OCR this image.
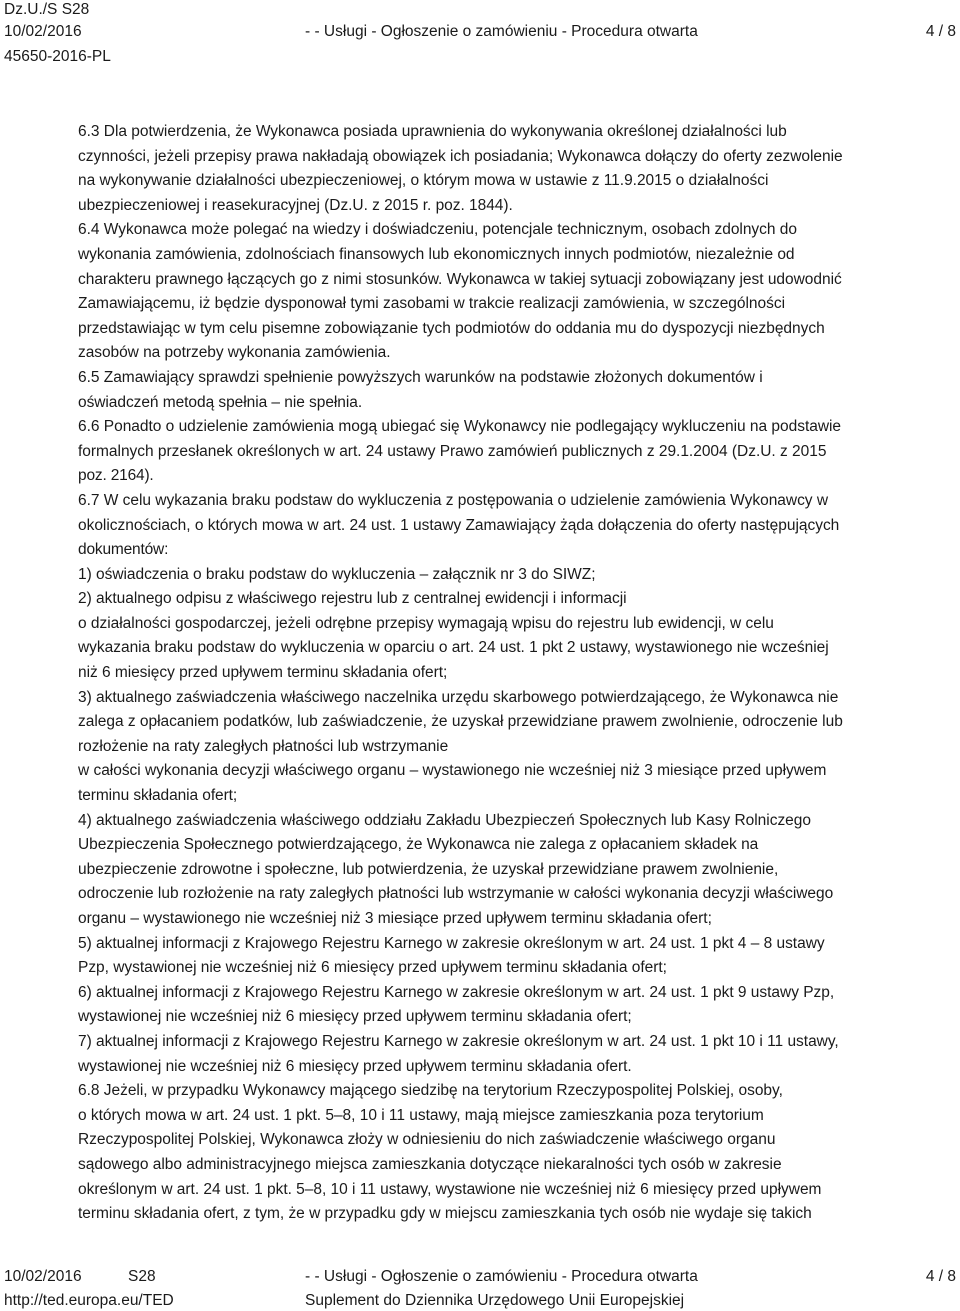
Dz.U./S S28
10/02/2016	- - Usługi - Ogłoszenie o zamówieniu - Procedura otwarta	4 / 8
45650-2016-PL
6.3 Dla potwierdzenia, że Wykonawca posiada uprawnienia do wykonywania określonej działalności lub
czynności, jeżeli przepisy prawa nakładają obowiązek ich posiadania; Wykonawca dołączy do oferty zezwolenie
na wykonywanie działalności ubezpieczeniowej, o którym mowa w ustawie z 11.9.2015 o działalności
ubezpieczeniowej i reasekuracyjnej (Dz.U. z 2015 r. poz. 1844).
6.4 Wykonawca może polegać na wiedzy i doświadczeniu, potencjale technicznym, osobach zdolnych do
wykonania zamówienia, zdolnościach finansowych lub ekonomicznych innych podmiotów, niezależnie od
charakteru prawnego łączących go z nimi stosunków. Wykonawca w takiej sytuacji zobowiązany jest udowodnić
Zamawiającemu, iż będzie dysponował tymi zasobami w trakcie realizacji zamówienia, w szczególności
przedstawiając w tym celu pisemne zobowiązanie tych podmiotów do oddania mu do dyspozycji niezbędnych
zasobów na potrzeby wykonania zamówienia.
6.5 Zamawiający sprawdzi spełnienie powyższych warunków na podstawie złożonych dokumentów i
oświadczeń metodą spełnia – nie spełnia.
6.6 Ponadto o udzielenie zamówienia mogą ubiegać się Wykonawcy nie podlegający wykluczeniu na podstawie
formalnych przesłanek określonych w art. 24 ustawy Prawo zamówień publicznych z 29.1.2004 (Dz.U. z 2015
poz. 2164).
6.7 W celu wykazania braku podstaw do wykluczenia z postępowania o udzielenie zamówienia Wykonawcy w
okolicznościach, o których mowa w art. 24 ust. 1 ustawy Zamawiający żąda dołączenia do oferty następujących
dokumentów:
1) oświadczenia o braku podstaw do wykluczenia – załącznik nr 3 do SIWZ;
2) aktualnego odpisu z właściwego rejestru lub z centralnej ewidencji i informacji
o działalności gospodarczej, jeżeli odrębne przepisy wymagają wpisu do rejestru lub ewidencji, w celu
wykazania braku podstaw do wykluczenia w oparciu o art. 24 ust. 1 pkt 2 ustawy, wystawionego nie wcześniej
niż 6 miesięcy przed upływem terminu składania ofert;
3) aktualnego zaświadczenia właściwego naczelnika urzędu skarbowego potwierdzającego, że Wykonawca nie
zalega z opłacaniem podatków, lub zaświadczenie, że uzyskał przewidziane prawem zwolnienie, odroczenie lub
rozłożenie na raty zaległych płatności lub wstrzymanie
w całości wykonania decyzji właściwego organu – wystawionego nie wcześniej niż 3 miesiące przed upływem
terminu składania ofert;
4) aktualnego zaświadczenia właściwego oddziału Zakładu Ubezpieczeń Społecznych lub Kasy Rolniczego
Ubezpieczenia Społecznego potwierdzającego, że Wykonawca nie zalega z opłacaniem składek na
ubezpieczenie zdrowotne i społeczne, lub potwierdzenia, że uzyskał przewidziane prawem zwolnienie,
odroczenie lub rozłożenie na raty zaległych płatności lub wstrzymanie w całości wykonania decyzji właściwego
organu – wystawionego nie wcześniej niż 3 miesiące przed upływem terminu składania ofert;
5) aktualnej informacji z Krajowego Rejestru Karnego w zakresie określonym w art. 24 ust. 1 pkt 4 – 8 ustawy
Pzp, wystawionej nie wcześniej niż 6 miesięcy przed upływem terminu składania ofert;
6) aktualnej informacji z Krajowego Rejestru Karnego w zakresie określonym w art. 24 ust. 1 pkt 9 ustawy Pzp,
wystawionej nie wcześniej niż 6 miesięcy przed upływem terminu składania ofert;
7) aktualnej informacji z Krajowego Rejestru Karnego w zakresie określonym w art. 24 ust. 1 pkt 10 i 11 ustawy,
wystawionej nie wcześniej niż 6 miesięcy przed upływem terminu składania ofert.
6.8 Jeżeli, w przypadku Wykonawcy mającego siedzibę na terytorium Rzeczypospolitej Polskiej, osoby,
o których mowa w art. 24 ust. 1 pkt. 5–8, 10 i 11 ustawy, mają miejsce zamieszkania poza terytorium
Rzeczypospolitej Polskiej, Wykonawca złoży w odniesieniu do nich zaświadczenie właściwego organu
sądowego albo administracyjnego miejsca zamieszkania dotyczące niekaralności tych osób w zakresie
określonym w art. 24 ust. 1 pkt. 5–8, 10 i 11 ustawy, wystawione nie wcześniej niż 6 miesięcy przed upływem
terminu składania ofert, z tym, że w przypadku gdy w miejscu zamieszkania tych osób nie wydaje się takich
10/02/2016	S28	- - Usługi - Ogłoszenie o zamówieniu - Procedura otwarta	4 / 8
http://ted.europa.eu/TED	Suplement do Dziennika Urzędowego Unii Europejskiej
